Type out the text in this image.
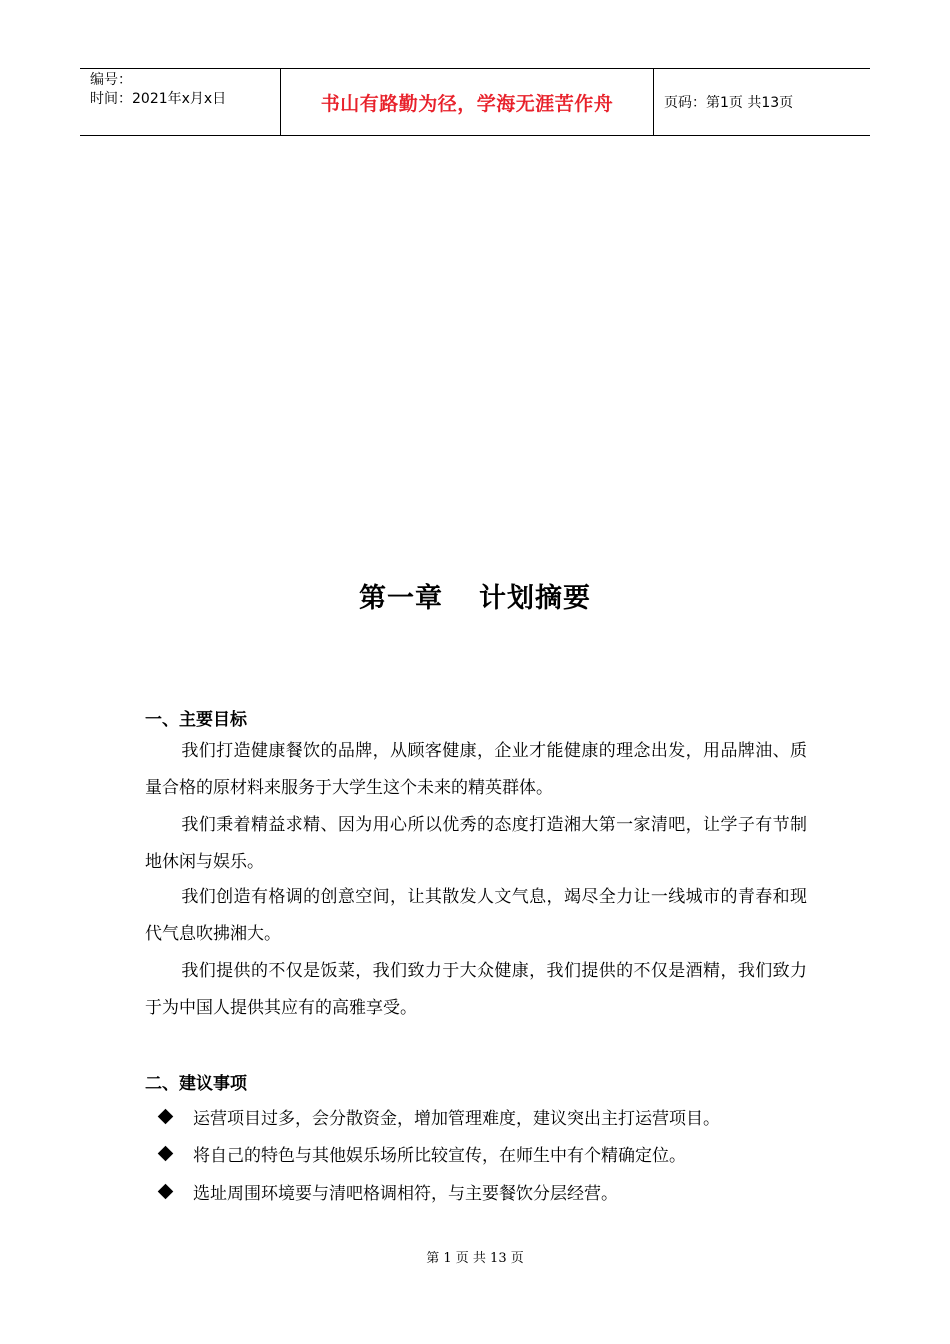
编号：
时间：2021年x月x日	书山有路勤为径，学海无涯苦作舟	页码：第1页 共13页
第一章 计划摘要
一、主要目标
我们打造健康餐饮的品牌，从顾客健康，企业才能健康的理念出发，用品牌油、质量合格的原材料来服务于大学生这个未来的精英群体。
我们秉着精益求精、因为用心所以优秀的态度打造湘大第一家清吧，让学子有节制地休闲与娱乐。
我们创造有格调的创意空间，让其散发人文气息，竭尽全力让一线城市的青春和现代气息吹拂湘大。
我们提供的不仅是饭菜，我们致力于大众健康，我们提供的不仅是酒精，我们致力于为中国人提供其应有的高雅享受。
二、建议事项
运营项目过多，会分散资金，增加管理难度，建议突出主打运营项目。
将自己的特色与其他娱乐场所比较宣传，在师生中有个精确定位。
选址周围环境要与清吧格调相符，与主要餐饮分层经营。
第 1 页 共 13 页
